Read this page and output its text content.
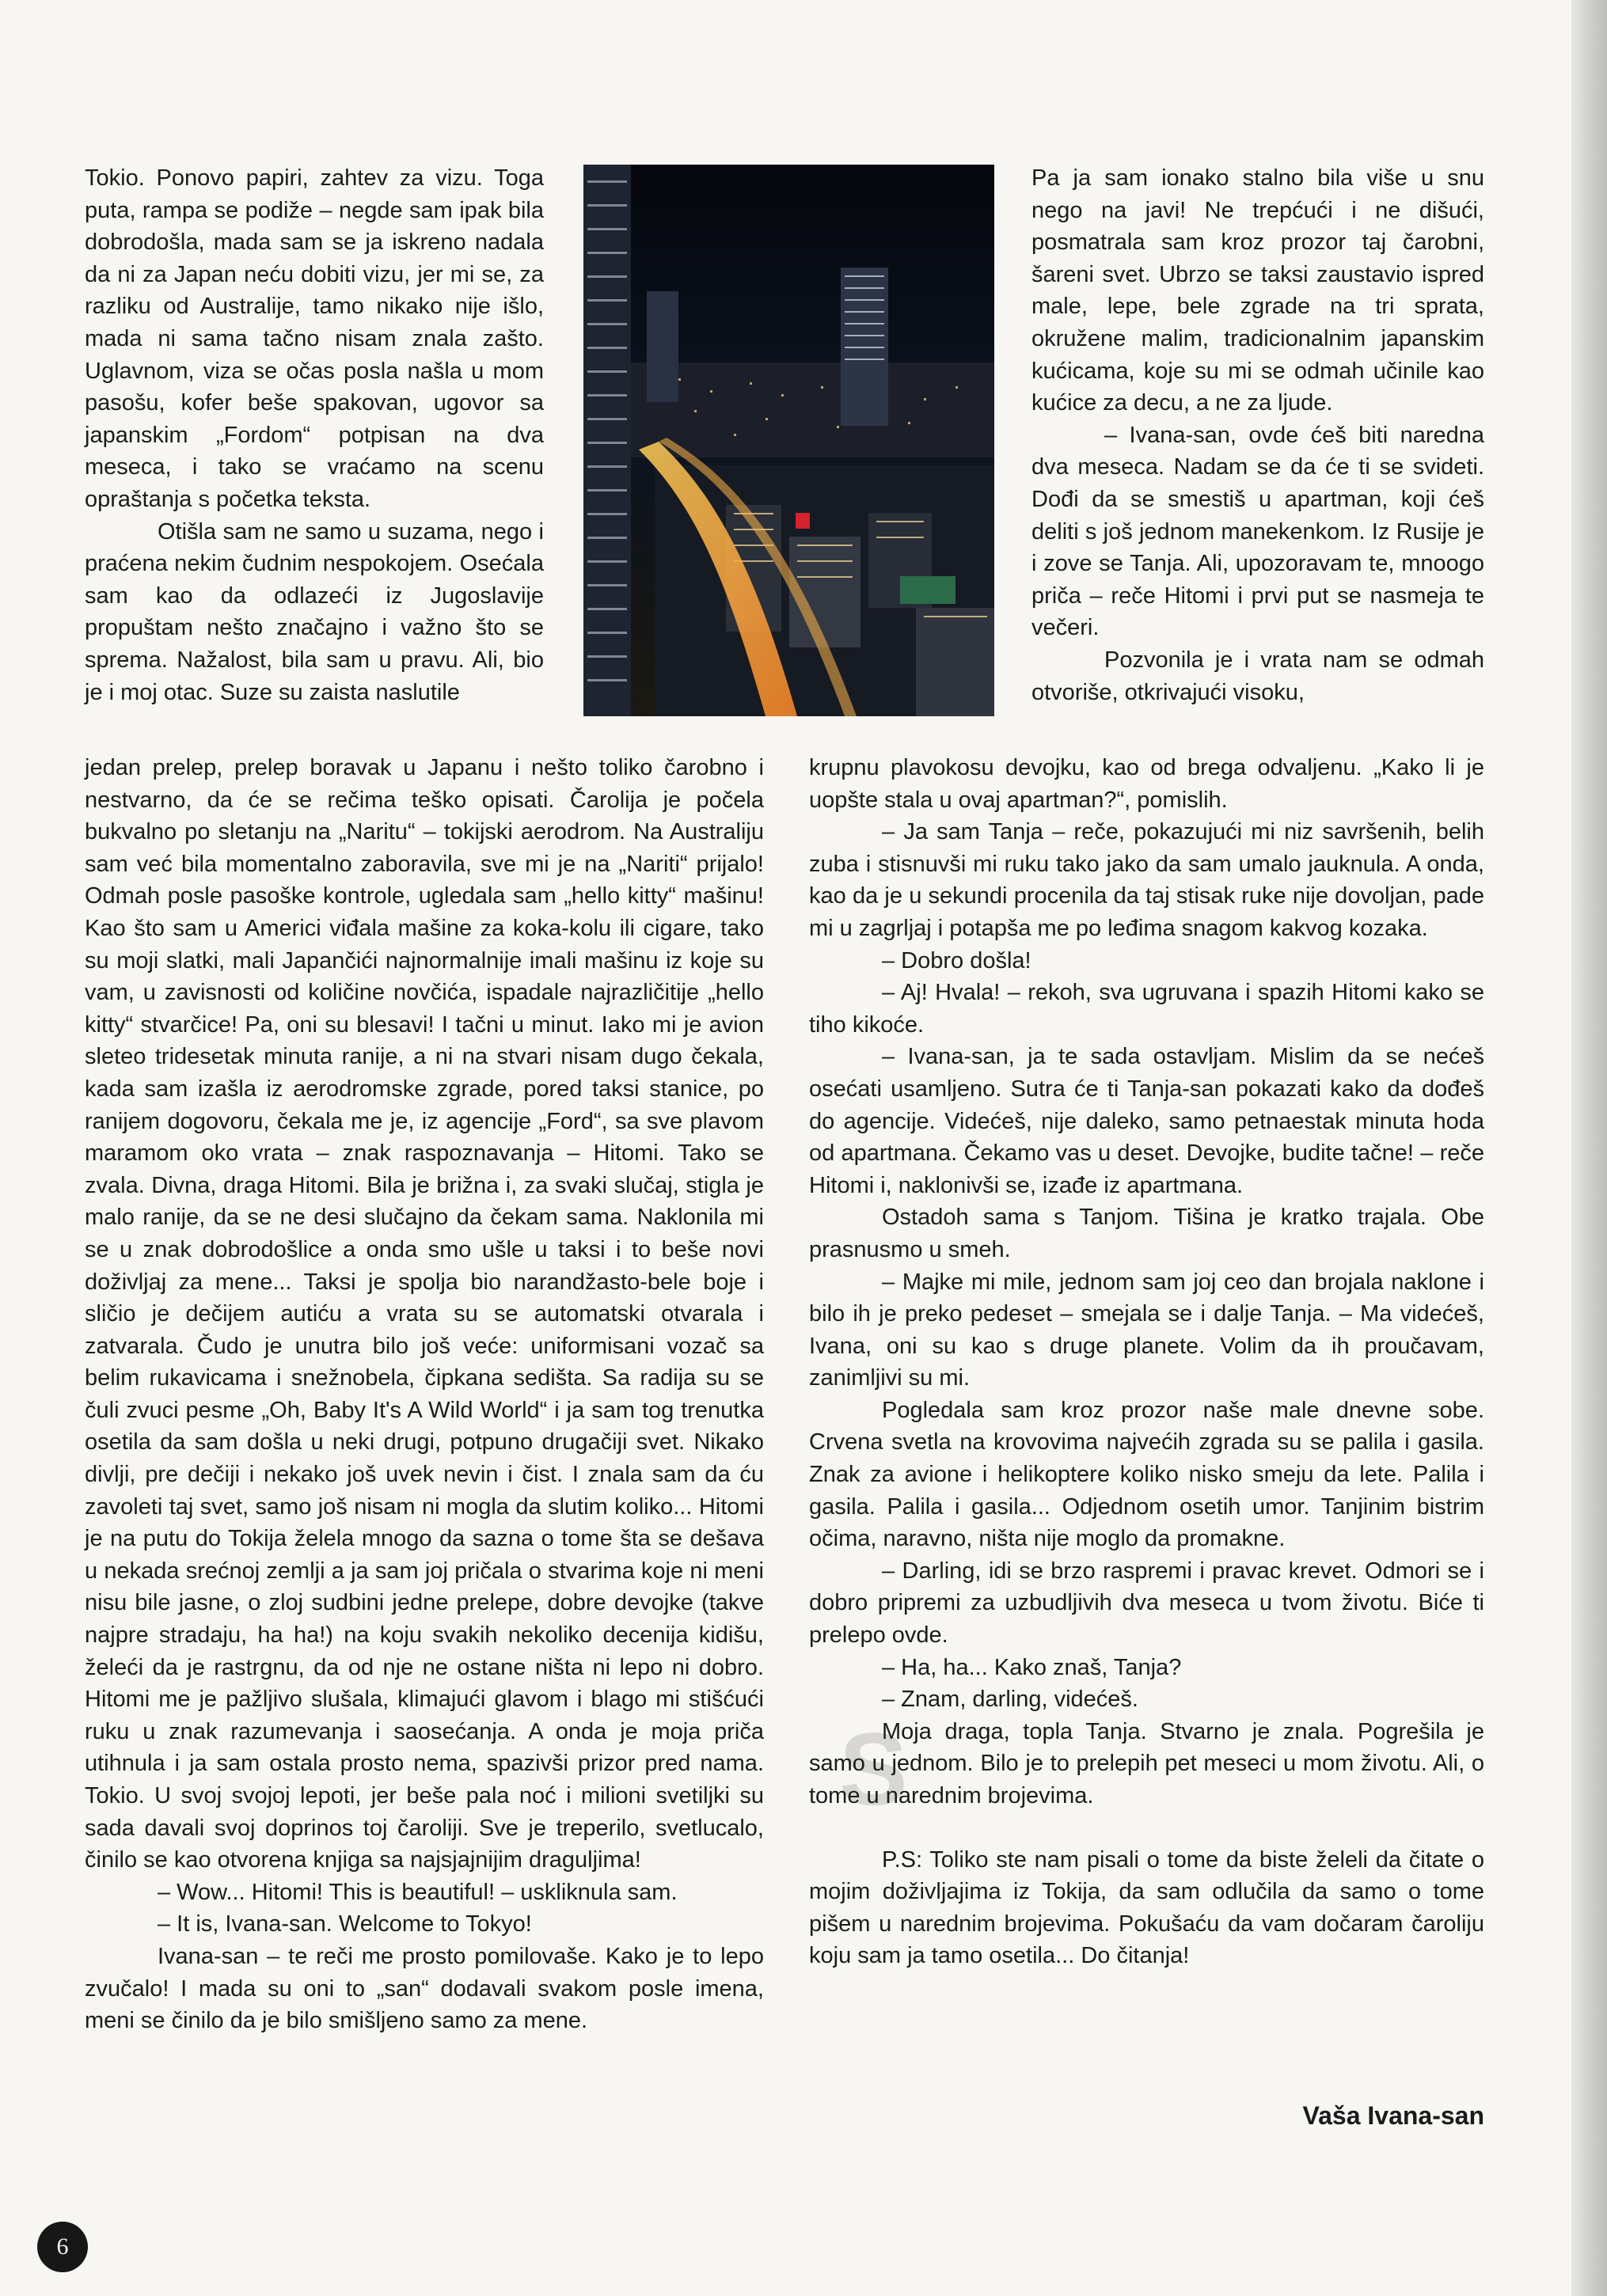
S

Tokio. Ponovo papiri, zahtev za vizu. Toga puta, rampa se podiže – negde sam ipak bila dobrodošla, mada sam se ja iskreno nadala da ni za Japan neću dobiti vizu, jer mi se, za razliku od Australije, tamo nikako nije išlo, mada ni sama tačno nisam znala zašto. Uglavnom, viza se očas posla našla u mom pasošu, kofer beše spakovan, ugovor sa japanskim „Fordom“ potpisan na dva meseca, i tako se vraćamo na scenu opraštanja s početka teksta.

Otišla sam ne samo u suzama, nego i praćena nekim čudnim nespokojem. Osećala sam kao da odlazeći iz Jugoslavije propuštam nešto značajno i važno što se sprema. Nažalost, bila sam u pravu. Ali, bio je i moj otac. Suze su zaista naslutile

Pa ja sam ionako stalno bila više u snu nego na javi! Ne trepćući i ne dišući, posmatrala sam kroz prozor taj čarobni, šareni svet. Ubrzo se taksi zaustavio ispred male, lepe, bele zgrade na tri sprata, okružene malim, tradicionalnim japanskim kućicama, koje su mi se odmah učinile kao kućice za decu, a ne za ljude.

– Ivana-san, ovde ćeš biti naredna dva meseca. Nadam se da će ti se svideti. Dođi da se smestiš u apartman, koji ćeš deliti s još jednom manekenkom. Iz Rusije je i zove se Tanja. Ali, upozoravam te, mnoogo priča – reče Hitomi i prvi put se nasmeja te večeri.

Pozvonila je i vrata nam se odmah otvoriše, otkrivajući visoku,

jedan prelep, prelep boravak u Japanu i nešto toliko čarobno i nestvarno, da će se rečima teško opisati. Čarolija je počela bukvalno po sletanju na „Naritu“ – tokijski aerodrom. Na Australiju sam već bila momentalno zaboravila, sve mi je na „Nariti“ prijalo! Odmah posle pasoške kontrole, ugledala sam „hello kitty“ mašinu! Kao što sam u Americi viđala mašine za koka-kolu ili cigare, tako su moji slatki, mali Japančići najnormalnije imali mašinu iz koje su vam, u zavisnosti od količine novčića, ispadale najrazličitije „hello kitty“ stvarčice! Pa, oni su blesavi! I tačni u minut. Iako mi je avion sleteo tridesetak minuta ranije, a ni na stvari nisam dugo čekala, kada sam izašla iz aerodromske zgrade, pored taksi stanice, po ranijem dogovoru, čekala me je, iz agencije „Ford“, sa sve plavom maramom oko vrata – znak raspoznavanja – Hitomi. Tako se zvala. Divna, draga Hitomi. Bila je brižna i, za svaki slučaj, stigla je malo ranije, da se ne desi slučajno da čekam sama. Naklonila mi se u znak dobrodošlice a onda smo ušle u taksi i to beše novi doživljaj za mene... Taksi je spolja bio narandžasto-bele boje i sličio je dečijem autiću a vrata su se automatski otvarala i zatvarala. Čudo je unutra bilo još veće: uniformisani vozač sa belim rukavicama i snežnobela, čipkana sedišta. Sa radija su se čuli zvuci pesme „Oh, Baby It's A Wild World“ i ja sam tog trenutka osetila da sam došla u neki drugi, potpuno drugačiji svet. Nikako divlji, pre dečiji i nekako još uvek nevin i čist. I znala sam da ću zavoleti taj svet, samo još nisam ni mogla da slutim koliko... Hitomi je na putu do Tokija želela mnogo da sazna o tome šta se dešava u nekada srećnoj zemlji a ja sam joj pričala o stvarima koje ni meni nisu bile jasne, o zloj sudbini jedne prelepe, dobre devojke (takve najpre stradaju, ha ha!) na koju svakih nekoliko decenija kidišu, želeći da je rastrgnu, da od nje ne ostane ništa ni lepo ni dobro. Hitomi me je pažljivo slušala, klimajući glavom i blago mi stišćući ruku u znak razumevanja i saosećanja. A onda je moja priča utihnula i ja sam ostala prosto nema, spazivši prizor pred nama. Tokio. U svoj svojoj lepoti, jer beše pala noć i milioni svetiljki su sada davali svoj doprinos toj čaroliji. Sve je treperilo, svetlucalo, činilo se kao otvorena knjiga sa najsjajnijim draguljima!

– Wow... Hitomi! This is beautiful! – uskliknula sam.

– It is, Ivana-san. Welcome to Tokyo!

Ivana-san – te reči me prosto pomilovaše. Kako je to lepo zvučalo! I mada su oni to „san“ dodavali svakom posle imena, meni se činilo da je bilo smišljeno samo za mene.

krupnu plavokosu devojku, kao od brega odvaljenu. „Kako li je uopšte stala u ovaj apartman?“, pomislih.

– Ja sam Tanja – reče, pokazujući mi niz savršenih, belih zuba i stisnuvši mi ruku tako jako da sam umalo jauknula. A onda, kao da je u sekundi procenila da taj stisak ruke nije dovoljan, pade mi u zagrljaj i potapša me po leđima snagom kakvog kozaka.

– Dobro došla!

– Aj! Hvala! – rekoh, sva ugruvana i spazih Hitomi kako se tiho kikoće.

– Ivana-san, ja te sada ostavljam. Mislim da se nećeš osećati usamljeno. Sutra će ti Tanja-san pokazati kako da dođeš do agencije. Videćeš, nije daleko, samo petnaestak minuta hoda od apartmana. Čekamo vas u deset. Devojke, budite tačne! – reče Hitomi i, naklonivši se, izađe iz apartmana.

Ostadoh sama s Tanjom. Tišina je kratko trajala. Obe prasnusmo u smeh.

– Majke mi mile, jednom sam joj ceo dan brojala naklone i bilo ih je preko pedeset – smejala se i dalje Tanja. – Ma videćeš, Ivana, oni su kao s druge planete. Volim da ih proučavam, zanimljivi su mi.

Pogledala sam kroz prozor naše male dnevne sobe. Crvena svetla na krovovima najvećih zgrada su se palila i gasila. Znak za avione i helikoptere koliko nisko smeju da lete. Palila i gasila. Palila i gasila... Odjednom osetih umor. Tanjinim bistrim očima, naravno, ništa nije moglo da promakne.

– Darling, idi se brzo raspremi i pravac krevet. Odmori se i dobro pripremi za uzbudljivih dva meseca u tvom životu. Biće ti prelepo ovde.

– Ha, ha... Kako znaš, Tanja?

– Znam, darling, videćeš.

Moja draga, topla Tanja. Stvarno je znala. Pogrešila je samo u jednom. Bilo je to prelepih pet meseci u mom životu. Ali, o tome u narednim brojevima.

P.S: Toliko ste nam pisali o tome da biste želeli da čitate o mojim doživljajima iz Tokija, da sam odlučila da samo o tome pišem u narednim brojevima. Pokušaću da vam dočaram čaroliju koju sam ja tamo osetila... Do čitanja!

Vaša Ivana-san
6
